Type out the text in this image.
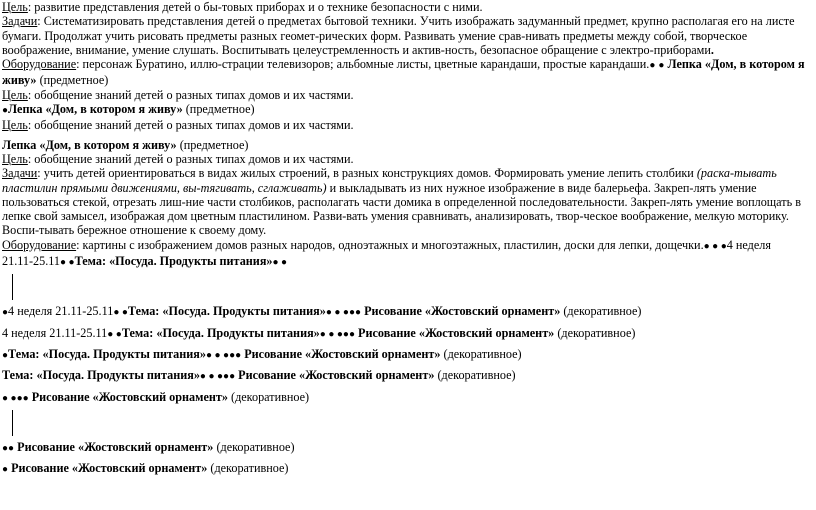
Цель: развитие представления детей о бы-товых приборах и о технике безопасности с ними.

Задачи: Систематизировать представления детей о предметах бытовой техники. Учить изображать задуманный предмет, крупно располагая его на листе бумаги. Продолжат учить рисовать предметы разных геомет-рических форм. Развивать умение срав-нивать предметы между собой, творческое воображение, внимание, умение слушать. Воспитывать целеустремленность и актив-ность, безопасное обращение с электро-приборами.

Оборудование: персонаж Буратино, иллю-страции телевизоров; альбомные листы, цветные карандаши, простые карандаши.● ● Лепка «Дом, в котором я живу» (предметное)

Цель: обобщение знаний детей о разных типах домов и их частями.

●Лепка «Дом, в котором я живу» (предметное)

Цель: обобщение знаний детей о разных типах домов и их частями.

Лепка «Дом, в котором я живу» (предметное)

Цель: обобщение знаний детей о разных типах домов и их частями.

Задачи: учить детей ориентироваться в видах жилых строений, в разных конструкциях домов. Формировать умение лепить столбики (раска-тывать пластилин прямыми движениями, вы-тягивать, сглаживать) и выкладывать из них нужное изображение в виде балерьефа. Закреп-лять умение пользоваться стекой, отрезать лиш-ние части столбиков, располагать части домика в определенной последовательности. Закреп-лять умение воплощать в лепке свой замысел, изображая дом цветным пластилином. Разви-вать умения сравнивать, анализировать, твор-ческое воображение, мелкую моторику. Воспи-тывать бережное отношение к своему дому.

Оборудование: картины с изображением домов разных народов, одноэтажных и многоэтажных, пластилин, доски для лепки, дощечки.● ● ●4 неделя
21.11-25.11● ●Тема: «Посуда. Продукты питания»● ●

●4 неделя 21.11-25.11● ●Тема: «Посуда. Продукты питания»● ● ●●● Рисование «Жостовский орнамент» (декоративное)

4 неделя 21.11-25.11● ●Тема: «Посуда. Продукты питания»● ● ●●● Рисование «Жостовский орнамент» (декоративное)

●Тема: «Посуда. Продукты питания»● ● ●●● Рисование «Жостовский орнамент» (декоративное)

Тема: «Посуда. Продукты питания»● ● ●●● Рисование «Жостовский орнамент» (декоративное)

● ●●● Рисование «Жостовский орнамент» (декоративное)

●● Рисование «Жостовский орнамент» (декоративное)

● Рисование «Жостовский орнамент» (декоративное)
